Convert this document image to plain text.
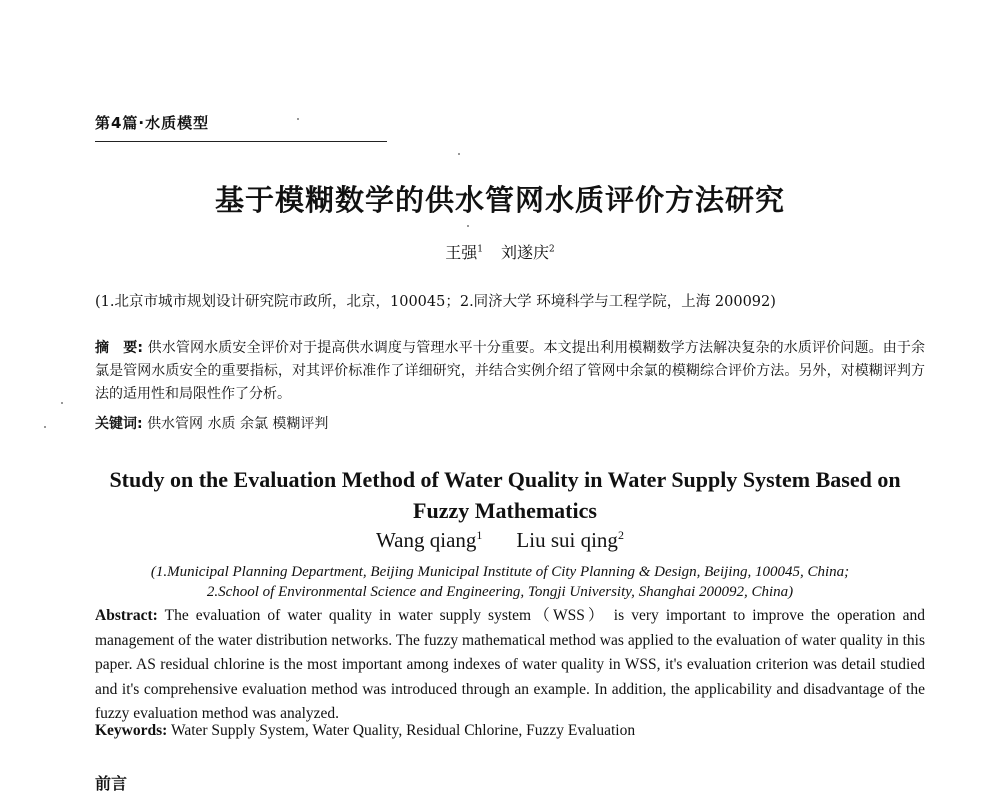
第4篇·水质模型
基于模糊数学的供水管网水质评价方法研究
王强$^1$ 刘遂庆$^2$
(1.北京市城市规划设计研究院市政所，北京，100045；2.同济大学 环境科学与工程学院，上海 200092)
摘　要: 供水管网水质安全评价对于提高供水调度与管理水平十分重要。本文提出利用模糊数学方法解决复杂的水质评价问题。由于余氯是管网水质安全的重要指标，对其评价标准作了详细研究，并结合实例介绍了管网中余氯的模糊综合评价方法。另外，对模糊评判方法的适用性和局限性作了分析。
关键词: 供水管网 水质 余氯 模糊评判
Study on the Evaluation Method of Water Quality in Water Supply System Based on Fuzzy Mathematics
Wang qiang$^1$ Liu sui qing$^2$
(1.Municipal Planning Department, Beijing Municipal Institute of City Planning & Design, Beijing, 100045, China;
2.School of Environmental Science and Engineering, Tongji University, Shanghai 200092, China)
Abstract: The evaluation of water quality in water supply system（WSS） is very important to improve the operation and management of the water distribution networks. The fuzzy mathematical method was applied to the evaluation of water quality in this paper. AS residual chlorine is the most important among indexes of water quality in WSS, it's evaluation criterion was detail studied and it's comprehensive evaluation method was introduced through an example. In addition, the applicability and disadvantage of the fuzzy evaluation method was analyzed.
Keywords: Water Supply System, Water Quality, Residual Chlorine, Fuzzy Evaluation
前言
